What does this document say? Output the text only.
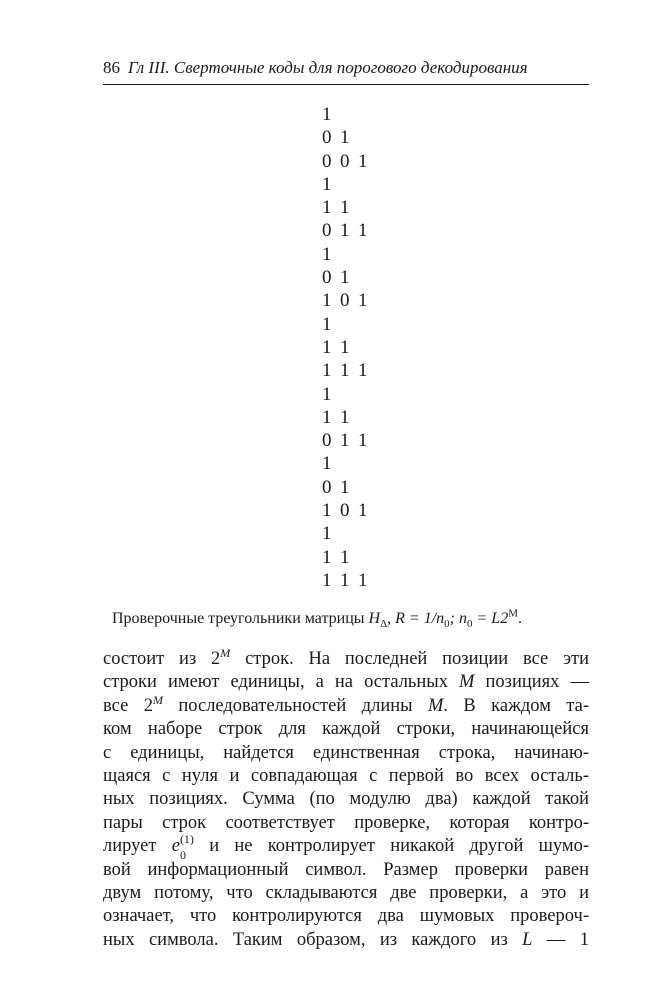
86 Гл III. Сверточные коды для порогового декодирования
1
0 1
0 0 1
1
1 1
0 1 1
1
0 1
1 0 1
1
1 1
1 1 1
1
1 1
0 1 1
1
0 1
1 0 1
1
1 1
1 1 1
Проверочные треугольники матрицы $H_\Delta$, $R = 1/n_0$; $n_0 = L2^M$.
состоит из $2^M$ строк. На последней позиции все эти
строки имеют единицы, а на остальных M позициях —
все $2^M$ последовательностей длины M. В каждом та-
ком наборе строк для каждой строки, начинающейся
с единицы, найдется единственная строка, начинаю-
щаяся с нуля и совпадающая с первой во всех осталь-
ных позициях. Сумма (по модулю два) каждой такой
пары строк соответствует проверке, которая контро-
лирует e (1)
0 и не контролирует никакой другой шумо-
вой информационный символ. Размер проверки равен
двум потому, что складываются две проверки, а это и
означает, что контролируются два шумовых провероч-
ных символа. Таким образом, из каждого из L — 1
